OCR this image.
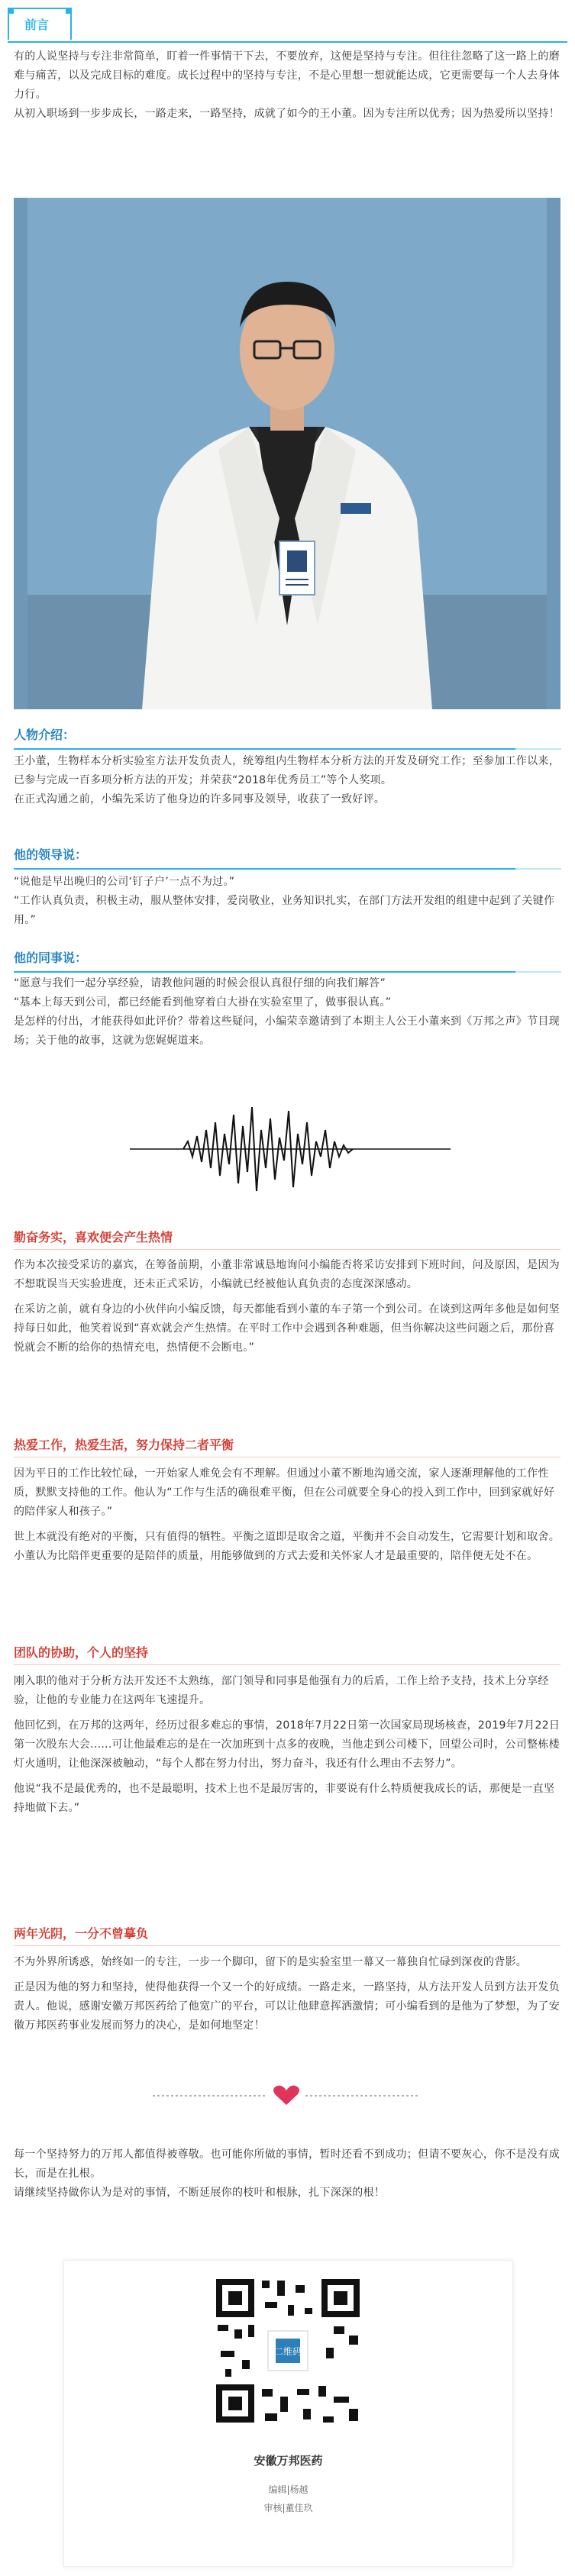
前言

有的人说坚持与专注非常简单，盯着一件事情干下去，不要放弃，这便是坚持与专注。但往往忽略了这一路上的磨难与痛苦，以及完成目标的难度。成长过程中的坚持与专注，不是心里想一想就能达成，它更需要每一个人去身体力行。

从初入职场到一步步成长，一路走来，一路坚持，成就了如今的王小董。因为专注所以优秀；因为热爱所以坚持！

人物介绍：

王小董，生物样本分析实验室方法开发负责人，统筹组内生物样本分析方法的开发及研究工作；至参加工作以来，已参与完成一百多项分析方法的开发；并荣获“2018年优秀员工”等个人奖项。

在正式沟通之前，小编先采访了他身边的许多同事及领导，收获了一致好评。

他的领导说：

“说他是早出晚归的公司‘钉子户’一点不为过。”

“工作认真负责，积极主动，服从整体安排，爱岗敬业，业务知识扎实，在部门方法开发组的组建中起到了关键作用。”

他的同事说：

“愿意与我们一起分享经验，请教他问题的时候会很认真很仔细的向我们解答”

“基本上每天到公司，都已经能看到他穿着白大褂在实验室里了，做事很认真。”

是怎样的付出，才能获得如此评价？带着这些疑问，小编荣幸邀请到了本期主人公王小董来到《万邦之声》节目现场；关于他的故事，这就为您娓娓道来。

勤奋务实，喜欢便会产生热情

作为本次接受采访的嘉宾，在筹备前期，小董非常诚恳地询问小编能否将采访安排到下班时间，问及原因，是因为不想耽误当天实验进度，还未正式采访，小编就已经被他认真负责的态度深深感动。

在采访之前，就有身边的小伙伴向小编反馈，每天都能看到小董的车子第一个到公司。在谈到这两年多他是如何坚持每日如此，他笑着说到“喜欢就会产生热情。在平时工作中会遇到各种难题，但当你解决这些问题之后，那份喜悦就会不断的给你的热情充电，热情便不会断电。”

热爱工作，热爱生活，努力保持二者平衡

因为平日的工作比较忙碌，一开始家人难免会有不理解。但通过小董不断地沟通交流，家人逐渐理解他的工作性质，默默支持他的工作。他认为“工作与生活的确很难平衡，但在公司就要全身心的投入到工作中，回到家就好好的陪伴家人和孩子。”

世上本就没有绝对的平衡，只有值得的牺牲。平衡之道即是取舍之道，平衡并不会自动发生，它需要计划和取舍。小董认为比陪伴更重要的是陪伴的质量，用能够做到的方式去爱和关怀家人才是最重要的，陪伴便无处不在。

团队的协助，个人的坚持

刚入职的他对于分析方法开发还不太熟练，部门领导和同事是他强有力的后盾，工作上给予支持，技术上分享经验，让他的专业能力在这两年飞速提升。

他回忆到，在万邦的这两年，经历过很多难忘的事情，2018年7月22日第一次国家局现场核查，2019年7月22日第一次股东大会......可让他最难忘的是在一次加班到十点多的夜晚，当他走到公司楼下，回望公司时，公司整栋楼灯火通明，让他深深被触动，“每个人都在努力付出，努力奋斗，我还有什么理由不去努力”。

他说“我不是最优秀的，也不是最聪明，技术上也不是最厉害的，非要说有什么特质便我成长的话，那便是一直坚持地做下去。”

两年光阴，一分不曾摹负

不为外界所诱惑，始终如一的专注，一步一个脚印，留下的是实验室里一幕又一幕独自忙碌到深夜的背影。

正是因为他的努力和坚持，使得他获得一个又一个的好成绩。一路走来，一路坚持，从方法开发人员到方法开发负责人。他说，感谢安徽万邦医药给了他宽广的平台，可以让他肆意挥洒激情；可小编看到的是他为了梦想，为了安徽万邦医药事业发展而努力的决心，是如何地坚定！

每一个坚持努力的万邦人都值得被尊敬。也可能你所做的事情，暂时还看不到成功；但请不要灰心，你不是没有成长，而是在扎根。

请继续坚持做你认为是对的事情，不断延展你的枝叶和根脉，扎下深深的根！

二维码
安徽万邦医药
编辑|杨越
审核|董佳玖
